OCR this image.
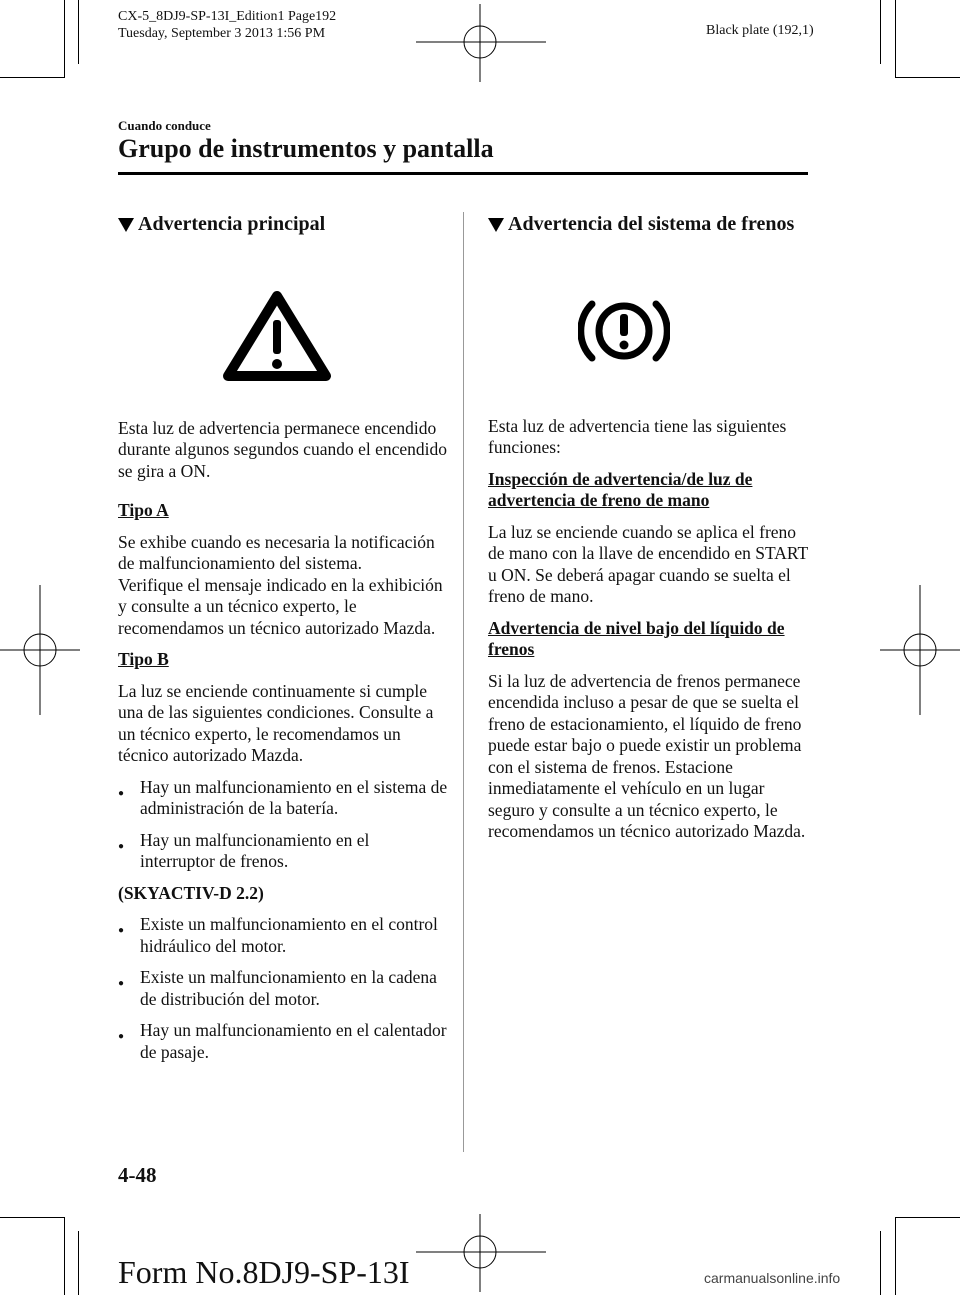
CX-5_8DJ9-SP-13I_Edition1 Page192
Tuesday, September 3 2013 1:56 PM	Black plate (192,1)
Cuando conduce
Grupo de instrumentos y pantalla
Advertencia principal

Esta luz de advertencia permanece encendido durante algunos segundos cuando el encendido se gira a ON.

Tipo A

Se exhibe cuando es necesaria la notificación de malfuncionamiento del sistema.

Verifique el mensaje indicado en la exhibición y consulte a un técnico experto, le recomendamos un técnico autorizado Mazda.

Tipo B

La luz se enciende continuamente si cumple una de las siguientes condiciones. Consulte a un técnico experto, le recomendamos un técnico autorizado Mazda.

● Hay un malfuncionamiento en el sistema de administración de la batería.
● Hay un malfuncionamiento en el interruptor de frenos.

(SKYACTIV-D 2.2)

● Existe un malfuncionamiento en el control hidráulico del motor.
● Existe un malfuncionamiento en la cadena de distribución del motor.
● Hay un malfuncionamiento en el calentador de pasaje.
Advertencia del sistema de frenos

Esta luz de advertencia tiene las siguientes funciones:

Inspección de advertencia/de luz de advertencia de freno de mano

La luz se enciende cuando se aplica el freno de mano con la llave de encendido en START u ON. Se deberá apagar cuando se suelta el freno de mano.

Advertencia de nivel bajo del líquido de frenos

Si la luz de advertencia de frenos permanece encendida incluso a pesar de que se suelta el freno de estacionamiento, el líquido de freno puede estar bajo o puede existir un problema con el sistema de frenos. Estacione inmediatamente el vehículo en un lugar seguro y consulte a un técnico experto, le recomendamos un técnico autorizado Mazda.

4-48
Form No.8DJ9-SP-13I	carmanualsonline.info
